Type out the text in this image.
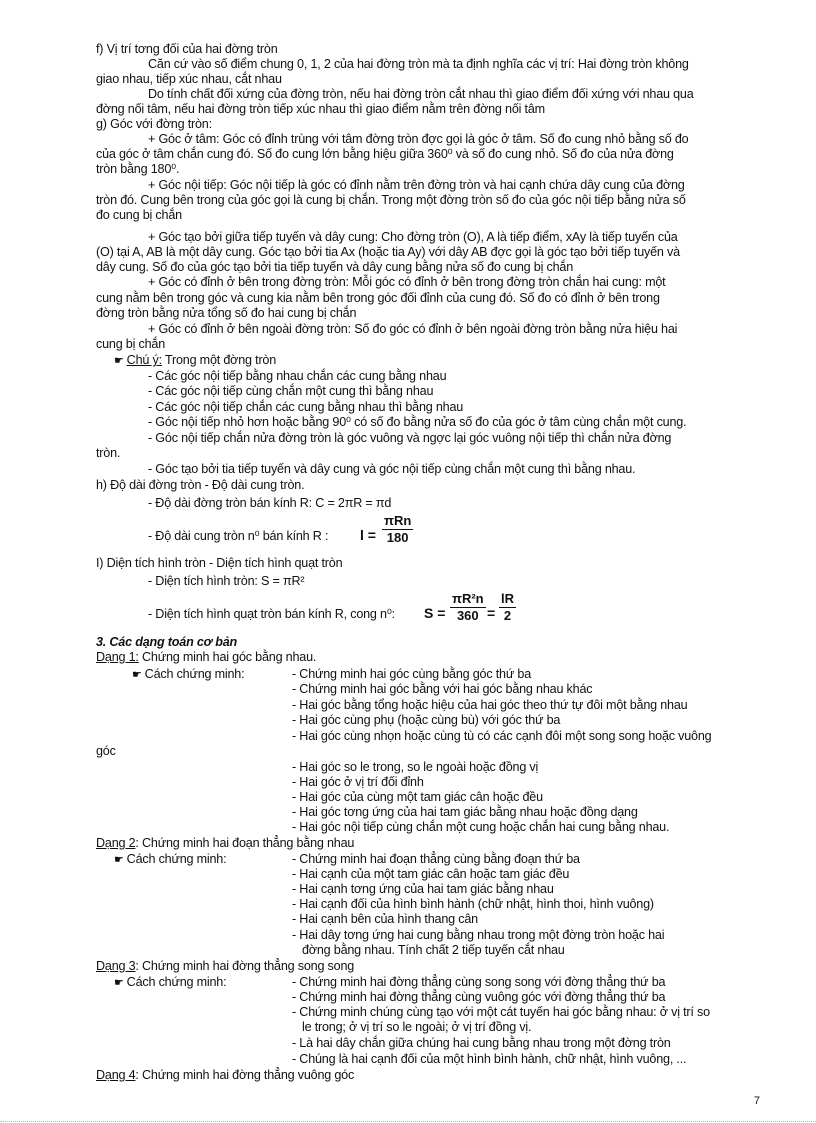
f) Vị trí tơng đối của hai đờng tròn
Căn cứ vào số điểm chung 0, 1, 2 của hai đờng tròn mà ta định nghĩa các vị trí: Hai đờng tròn không
giao nhau, tiếp xúc nhau, cắt nhau
Do tính chất đối xứng của đờng tròn, nếu hai đờng tròn cắt nhau thì giao điểm đối xứng với nhau qua
đờng nối tâm, nếu hai đờng tròn tiếp xúc nhau thì giao điểm nằm trên đờng nối tâm
g) Góc với đờng tròn:
+ Góc ở tâm: Góc có đỉnh trùng với tâm đờng tròn đợc gọi là góc ở tâm. Số đo cung nhỏ bằng số đo
của góc ở tâm chắn cung đó. Số đo cung lớn bằng hiệu giữa 360⁰ và số đo cung nhỏ. Số đo của nửa đờng
tròn bằng 180⁰.
+ Góc nội tiếp: Góc nội tiếp là góc có đỉnh nằm trên đờng tròn và hai cạnh chứa dây cung của đờng
tròn đó. Cung bên trong của góc gọi là cung bị chắn. Trong một đờng tròn số đo của góc nội tiếp bằng nửa số
đo cung bị chắn
+ Góc tạo bởi giữa tiếp tuyến và dây cung: Cho đờng tròn (O), A là tiếp điểm, xAy là tiếp tuyến của
(O) tại A, AB là một dây cung. Góc tạo bởi tia Ax (hoặc tia Ay) với dây AB đợc gọi là góc tạo bởi tiếp tuyến và
dây cung. Số đo của góc tạo bởi tia tiếp tuyến và dây cung bằng nửa số đo cung bị chắn
+ Góc có đỉnh ở bên trong đờng tròn: Mỗi góc có đỉnh ở bên trong đờng tròn chắn hai cung: một
cung nằm bên trong góc và cung kia nằm bên trong góc đối đỉnh của cung đó. Số đo có đỉnh ở bên trong
đờng tròn bằng nửa tổng số đo hai cung bị chắn
+ Góc có đỉnh ở bên ngoài đờng tròn: Số đo góc có đỉnh ở bên ngoài đờng tròn bằng nửa hiệu hai
cung bị chắn
☛ Chú ý: Trong một đờng tròn
- Các góc nội tiếp bằng nhau chắn các cung bằng nhau
- Các góc nội tiếp cùng chắn một cung thì bằng nhau
- Các góc nội tiếp chắn các cung bằng nhau thì bằng nhau
- Góc nội tiếp nhỏ hơn hoặc bằng 90⁰ có số đo bằng nửa số đo của góc ở tâm cùng chắn một cung.
- Góc nội tiếp chắn nửa đờng tròn là góc vuông và ngợc lại góc vuông nội tiếp thì chắn nửa đờng
tròn.
- Góc tạo bởi tia tiếp tuyến và dây cung và góc nội tiếp cùng chắn một cung thì bằng nhau.
h) Độ dài đờng tròn - Độ dài cung tròn.
- Độ dài đờng tròn bán kính R: C = 2πR = πd
- Độ dài cung tròn n⁰ bán kính R : l =
πRn
180
I) Diện tích hình tròn - Diện tích hình quạt tròn
- Diện tích hình tròn: S = πR²
- Diện tích hình quạt tròn bán kính R, cong n⁰: $S = \frac{\text{πR²n}}{360} = \frac{lR}{2}$
3. Các dạng toán cơ bản
Dạng 1: Chứng minh hai góc bằng nhau.
☛ Cách chứng minh:	- Chứng minh hai góc cùng bằng góc thứ ba
- Chứng minh hai góc bằng với hai góc bằng nhau khác
- Hai góc bằng tổng hoặc hiệu của hai góc theo thứ tự đôi một bằng nhau
- Hai góc cùng phụ (hoặc cùng bù) với góc thứ ba
- Hai góc cùng nhọn hoặc cùng tù có các cạnh đôi một song song hoặc vuông
góc
- Hai góc so le trong, so le ngoài hoặc đồng vị
- Hai góc ở vị trí đối đỉnh
- Hai góc của cùng một tam giác cân hoặc đều
- Hai góc tơng ứng của hai tam giác bằng nhau hoặc đồng dạng
- Hai góc nội tiếp cùng chắn một cung hoặc chắn hai cung bằng nhau.
Dạng 2: Chứng minh hai đoạn thẳng bằng nhau
☛ Cách chứng minh:	- Chứng minh hai đoạn thẳng cùng bằng đoạn thứ ba
- Hai cạnh của một tam giác cân hoặc tam giác đều
- Hai cạnh tơng ứng của hai tam giác bằng nhau
- Hai cạnh đối của hình bình hành (chữ nhật, hình thoi, hình vuông)
- Hai cạnh bên của hình thang cân
- Hai dây tơng ứng hai cung bằng nhau trong một đờng tròn hoặc hai
đờng bằng nhau. Tính chất 2 tiếp tuyến cắt nhau
Dạng 3: Chứng minh hai đờng thẳng song song
☛ Cách chứng minh:	- Chứng minh hai đờng thẳng cùng song song với đờng thẳng thứ ba
- Chứng minh hai đờng thẳng cùng vuông góc với đờng thẳng thứ ba
- Chứng minh chúng cùng tạo với một cát tuyến hai góc bằng nhau: ở vị trí so
le trong; ở vị trí so le ngoài; ở vị trí đồng vị.
- Là hai dây chắn giữa chúng hai cung bằng nhau trong một đờng tròn
- Chúng là hai cạnh đối của một hình bình hành, chữ nhật, hình vuông, ...
Dạng 4: Chứng minh hai đờng thẳng vuông góc
7
